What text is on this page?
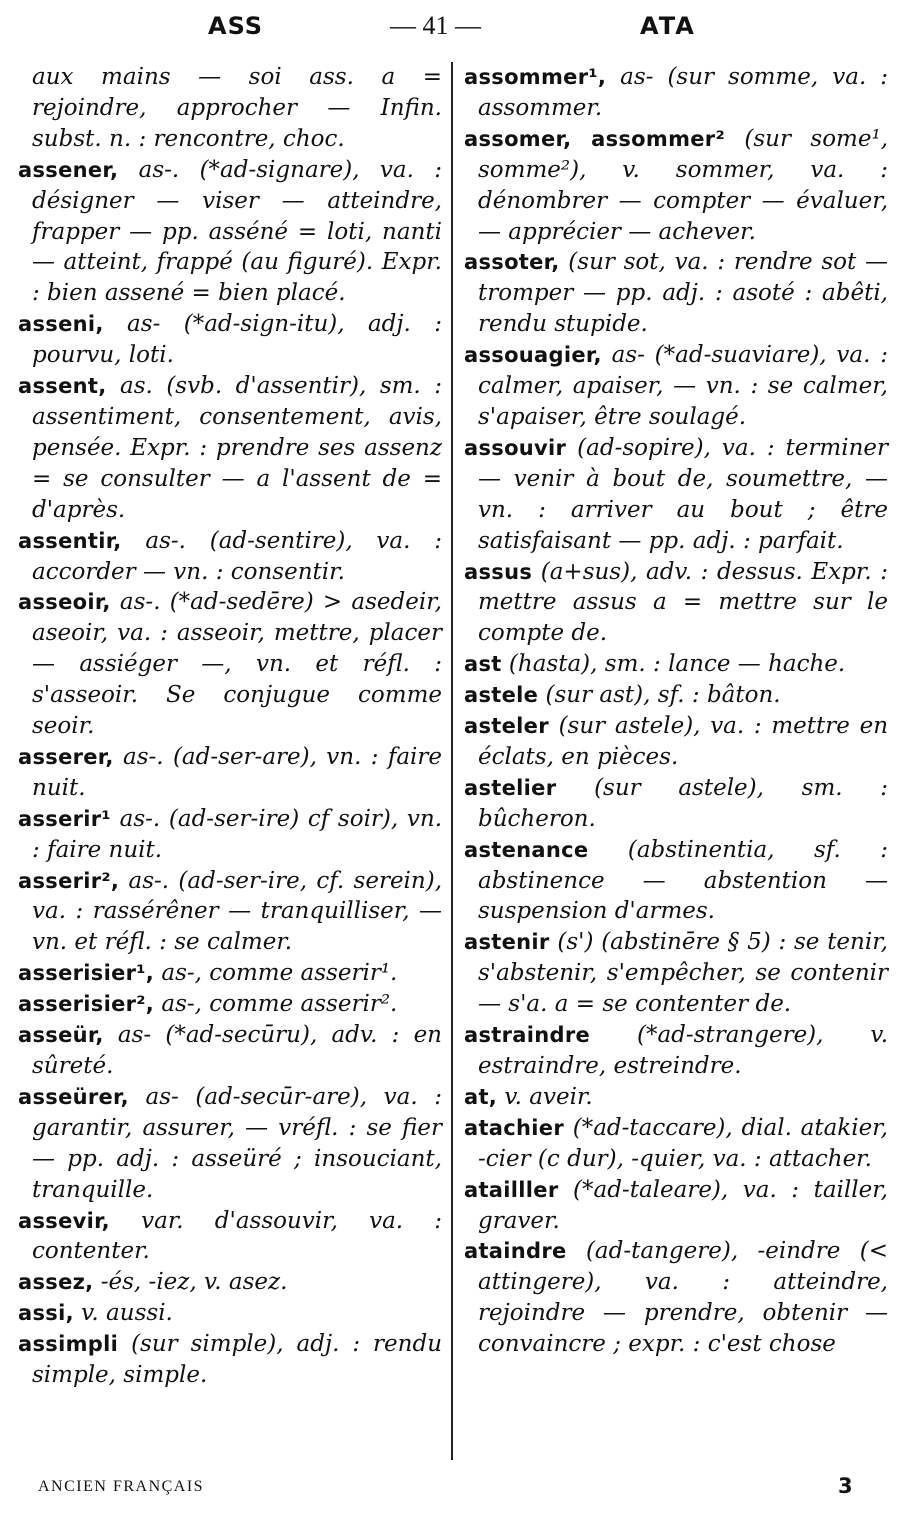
ASS	— 41 —	ATA

aux mains — soi ass. a = rejoindre, approcher — Infin. subst. n. : rencontre, choc.

assener, as-. (*ad-signare), va. : désigner — viser — atteindre, frapper — pp. asséné = loti, nanti — atteint, frappé (au figuré). Expr. : bien assené = bien placé.

asseni, as- (*ad-sign-itu), adj. : pourvu, loti.

assent, as. (svb. d'assentir), sm. : assentiment, consentement, avis, pensée. Expr. : prendre ses assenz = se consulter — a l'assent de = d'après.

assentir, as-. (ad-sentire), va. : accorder — vn. : consentir.

asseoir, as-. (*ad-sedēre) > asedeir, aseoir, va. : asseoir, mettre, placer — assiéger —, vn. et réfl. : s'asseoir. Se conjugue comme seoir.

asserer, as-. (ad-ser-are), vn. : faire nuit.

asserir¹ as-. (ad-ser-ire) cf soir), vn. : faire nuit.

asserir², as-. (ad-ser-ire, cf. serein), va. : rassérêner — tranquilliser, — vn. et réfl. : se calmer.

asserisier¹, as-, comme asserir¹.

asserisier², as-, comme asserir².

asseür, as- (*ad-secūru), adv. : en sûreté.

asseürer, as- (ad-secūr-are), va. : garantir, assurer, — vréfl. : se fier — pp. adj. : asseüré ; insouciant, tranquille.

assevir, var. d'assouvir, va. : contenter.

assez, -és, -iez, v. asez.

assi, v. aussi.

assimpli (sur simple), adj. : rendu simple, simple.

assommer¹, as- (sur somme, va. : assommer.

assomer, assommer² (sur some¹, somme²), v. sommer, va. : dénombrer — compter — évaluer, — apprécier — achever.

assoter, (sur sot, va. : rendre sot — tromper — pp. adj. : asoté : abêti, rendu stupide.

assouagier, as- (*ad-suaviare), va. : calmer, apaiser, — vn. : se calmer, s'apaiser, être soulagé.

assouvir (ad-sopire), va. : terminer — venir à bout de, soumettre, — vn. : arriver au bout ; être satisfaisant — pp. adj. : parfait.

assus (a+sus), adv. : dessus. Expr. : mettre assus a = mettre sur le compte de.

ast (hasta), sm. : lance — hache.

astele (sur ast), sf. : bâton.

asteler (sur astele), va. : mettre en éclats, en pièces.

astelier (sur astele), sm. : bûcheron.

astenance (abstinentia, sf. : abstinence — abstention — suspension d'armes.

astenir (s') (abstinēre § 5) : se tenir, s'abstenir, s'empêcher, se contenir — s'a. a = se contenter de.

astraindre (*ad-strangere), v. estraindre, estreindre.

at, v. aveir.

atachier (*ad-taccare), dial. atakier, -cier (c dur), -quier, va. : attacher.

atailller (*ad-taleare), va. : tailler, graver.

ataindre (ad-tangere), -eindre (< attingere), va. : atteindre, rejoindre — prendre, obtenir — convaincre ; expr. : c'est chose

ANCIEN FRANÇAIS	3
